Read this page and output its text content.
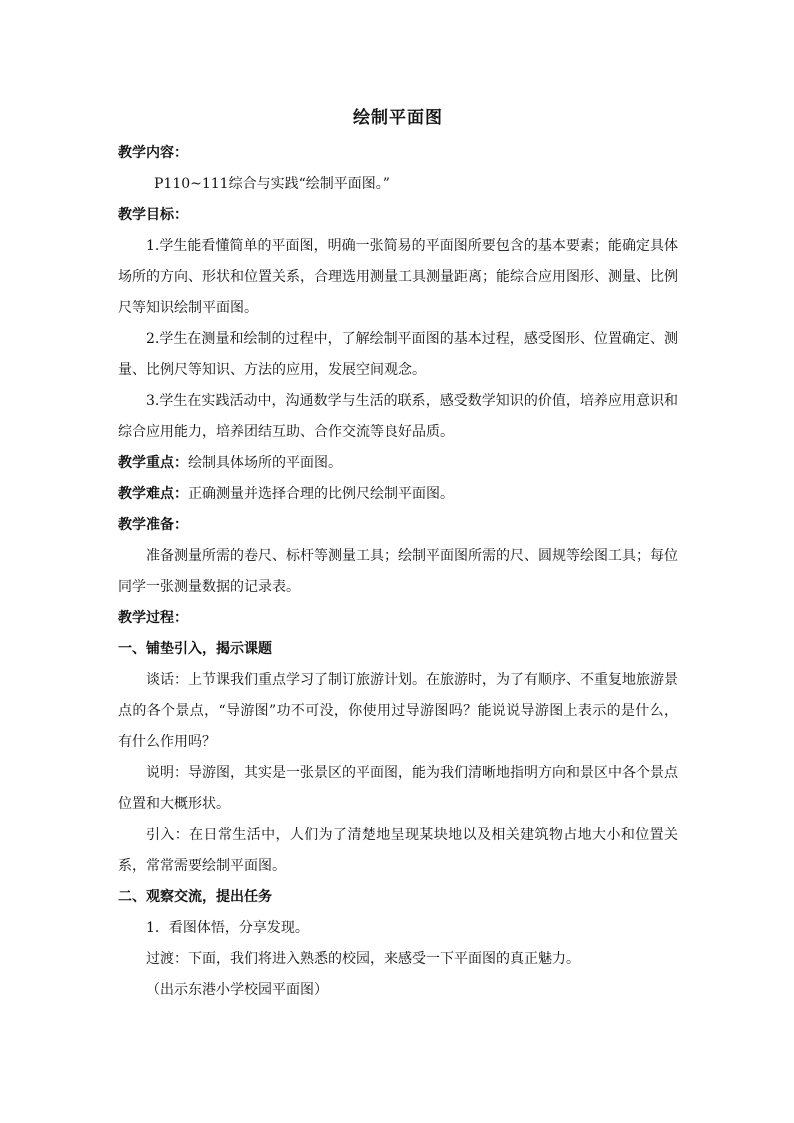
绘制平面图

教学内容：

P110~111综合与实践“绘制平面图。”

教学目标：

1.学生能看懂简单的平面图，明确一张简易的平面图所要包含的基本要素；能确定具体场所的方向、形状和位置关系，合理选用测量工具测量距离；能综合应用图形、测量、比例尺等知识绘制平面图。

2.学生在测量和绘制的过程中，了解绘制平面图的基本过程，感受图形、位置确定、测量、比例尺等知识、方法的应用，发展空间观念。

3.学生在实践活动中，沟通数学与生活的联系，感受数学知识的价值，培养应用意识和综合应用能力，培养团结互助、合作交流等良好品质。

教学重点：绘制具体场所的平面图。

教学难点：正确测量并选择合理的比例尺绘制平面图。

教学准备：

准备测量所需的卷尺、标杆等测量工具；绘制平面图所需的尺、圆规等绘图工具；每位同学一张测量数据的记录表。

教学过程：

一、铺垫引入，揭示课题

谈话：上节课我们重点学习了制订旅游计划。在旅游时，为了有顺序、不重复地旅游景点的各个景点，“导游图”功不可没，你使用过导游图吗？能说说导游图上表示的是什么，有什么作用吗？

说明：导游图，其实是一张景区的平面图，能为我们清晰地指明方向和景区中各个景点位置和大概形状。

引入：在日常生活中，人们为了清楚地呈现某块地以及相关建筑物占地大小和位置关系，常常需要绘制平面图。

二、观察交流，提出任务

1．看图体悟，分享发现。

过渡：下面，我们将进入熟悉的校园，来感受一下平面图的真正魅力。

（出示东港小学校园平面图）
